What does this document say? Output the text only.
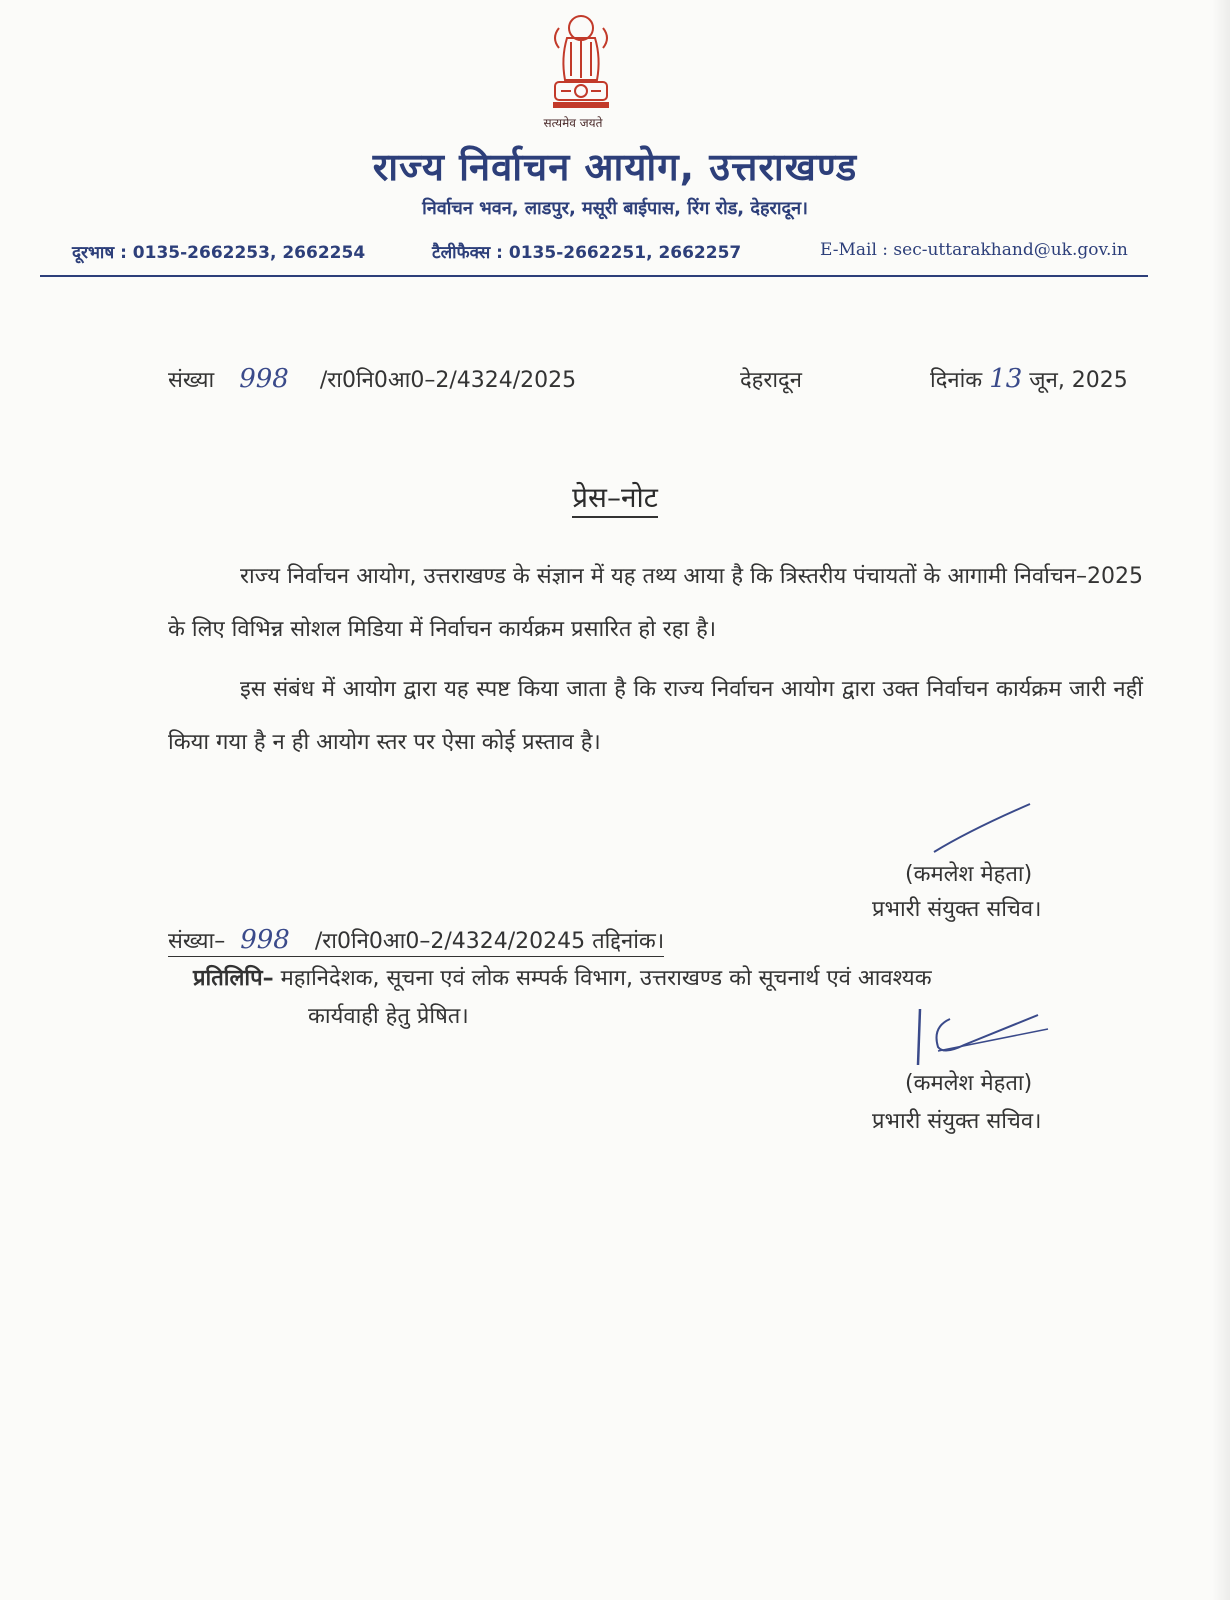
सत्यमेव जयते
राज्य निर्वाचन आयोग, उत्तराखण्ड
निर्वाचन भवन, लाडपुर, मसूरी बाईपास, रिंग रोड, देहरादून।
दूरभाष : 0135-2662253, 2662254	टैलीफैक्स : 0135-2662251, 2662257	E-Mail : sec-uttarakhand@uk.gov.in
संख्या 998 /रा0नि0आ0–2/4324/2025	देहरादून	दिनांक 13 जून, 2025
प्रेस–नोट
राज्य निर्वाचन आयोग, उत्तराखण्ड के संज्ञान में यह तथ्य आया है कि त्रिस्तरीय पंचायतों के आगामी निर्वाचन–2025 के लिए विभिन्न सोशल मिडिया में निर्वाचन कार्यक्रम प्रसारित हो रहा है।
इस संबंध में आयोग द्वारा यह स्पष्ट किया जाता है कि राज्य निर्वाचन आयोग द्वारा उक्त निर्वाचन कार्यक्रम जारी नहीं किया गया है न ही आयोग स्तर पर ऐसा कोई प्रस्ताव है।
(कमलेश मेहता)
प्रभारी संयुक्त सचिव।
संख्या– 998 /रा0नि0आ0–2/4324/20245 तद्दिनांक।
प्रतिलिपि– महानिदेशक, सूचना एवं लोक सम्पर्क विभाग, उत्तराखण्ड को सूचनार्थ एवं आवश्यक
कार्यवाही हेतु प्रेषित।
(कमलेश मेहता)
प्रभारी संयुक्त सचिव।
